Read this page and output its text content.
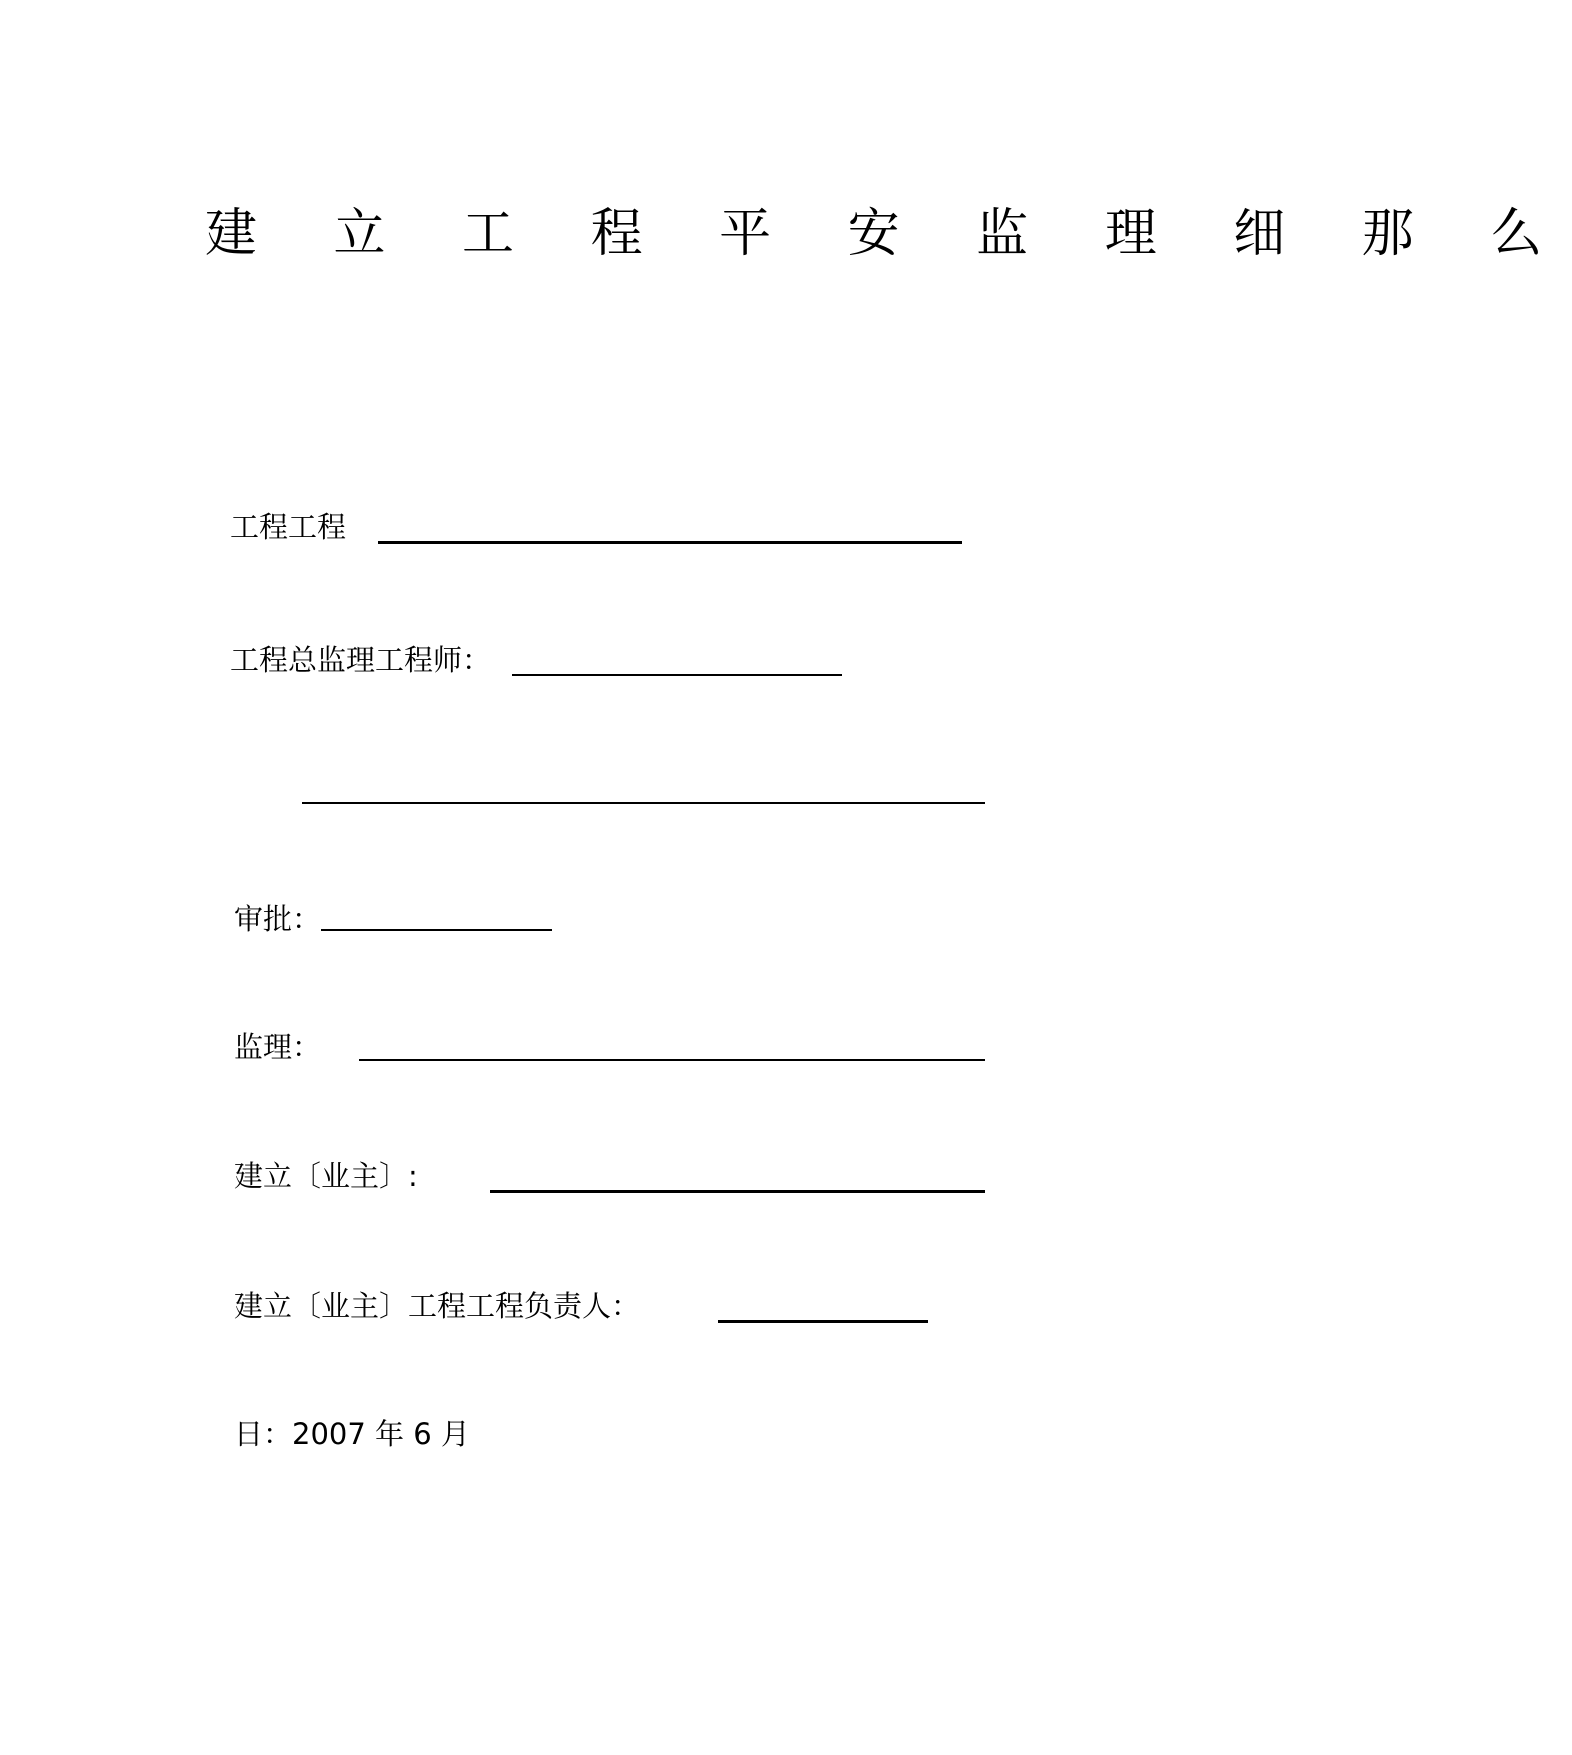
建 立 工 程 平 安 监 理 细 那 么
工程工程
工程总监理工程师：
审批：
监理：
建立〔业主〕:
建立〔业主〕工程工程负责人：
日：2007 年 6 月
